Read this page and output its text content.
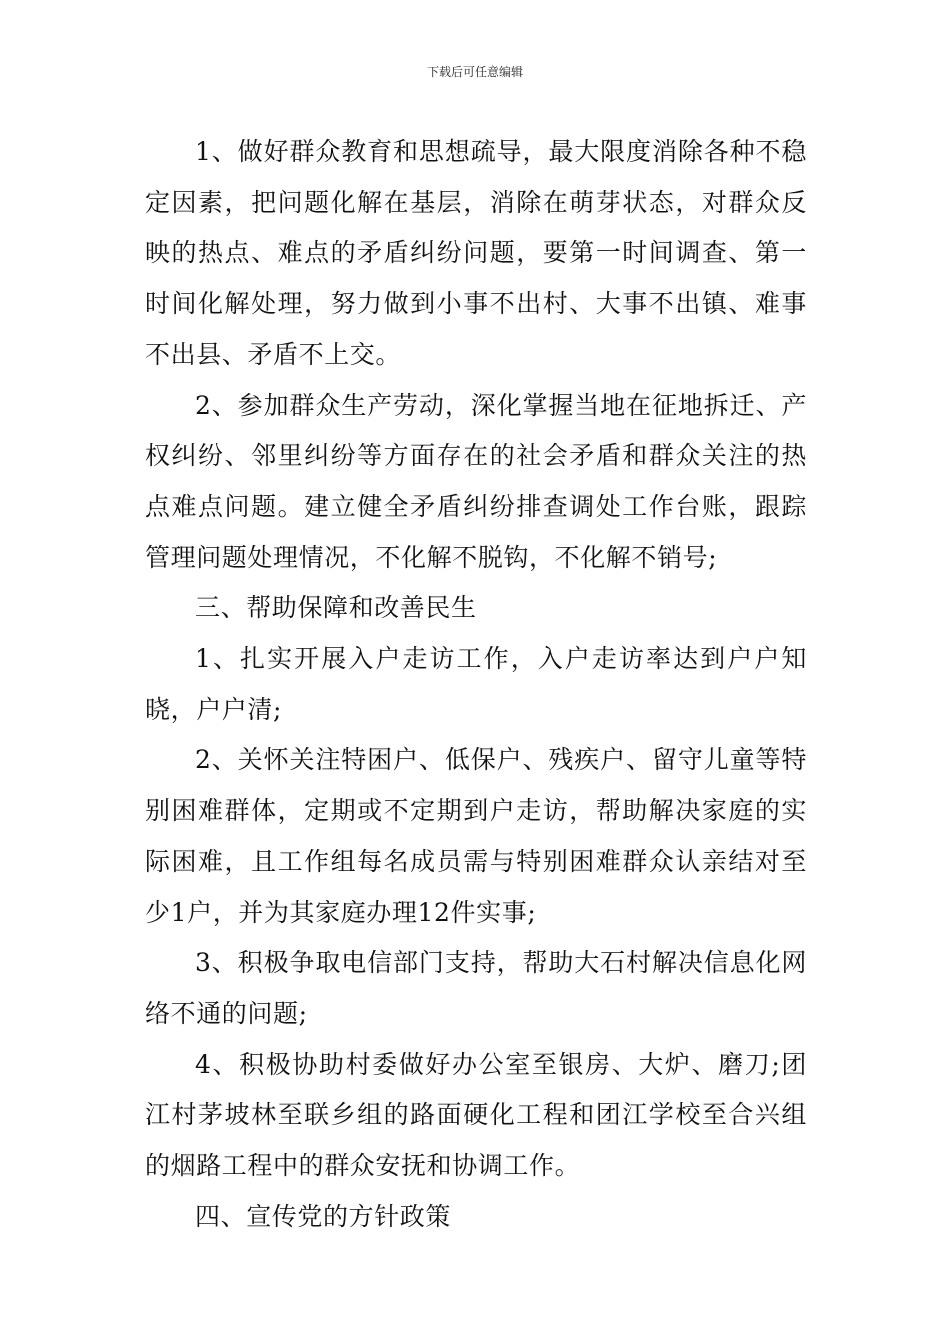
下载后可任意编辑

1、做好群众教育和思想疏导，最大限度消除各种不稳定因素，把问题化解在基层，消除在萌芽状态，对群众反映的热点、难点的矛盾纠纷问题，要第一时间调查、第一时间化解处理，努力做到小事不出村、大事不出镇、难事不出县、矛盾不上交。

2、参加群众生产劳动，深化掌握当地在征地拆迁、产权纠纷、邻里纠纷等方面存在的社会矛盾和群众关注的热点难点问题。建立健全矛盾纠纷排查调处工作台账，跟踪管理问题处理情况，不化解不脱钩，不化解不销号;

三、帮助保障和改善民生

1、扎实开展入户走访工作，入户走访率达到户户知晓，户户清;

2、关怀关注特困户、低保户、残疾户、留守儿童等特别困难群体，定期或不定期到户走访，帮助解决家庭的实际困难，且工作组每名成员需与特别困难群众认亲结对至少1户，并为其家庭办理12件实事;

3、积极争取电信部门支持，帮助大石村解决信息化网络不通的问题;

4、积极协助村委做好办公室至银房、大炉、磨刀;团江村茅坡林至联乡组的路面硬化工程和团江学校至合兴组的烟路工程中的群众安抚和协调工作。

四、宣传党的方针政策
